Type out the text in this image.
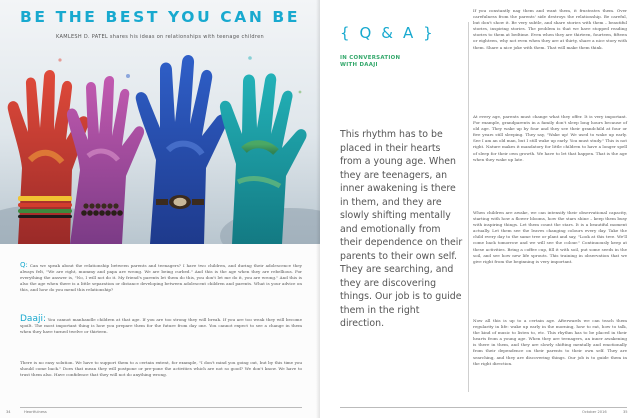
BE THE BEST YOU CAN BE
KAMLESH D. PATEL shares his ideas on relationships with teenage children
Q: Can we speak about the relationship between parents and teenagers? I have two children, and during their adolescence they always felt, "We are right, mummy and papa are wrong. We are being curbed." And this is the age when they are rebellious. For everything the answer is, "No, I will not do it. My friend's parents let them do this, you don't let me do it, you are wrong." And this is also the age when there is a little separation or distance developing between adolescent children and parents. What is your advice on this, and how do you mend this relationship?
Daaji: You cannot manhandle children at that age. If you are too strong they will break. If you are too weak they will become spoilt. The most important thing is how you prepare them for the future from day one. You cannot expect to see a change in them when they have turned twelve or thirteen.
There is no easy solution. We have to support them to a certain extent, for example, "I don't mind you going out, but by this time you should come back." Does that mean they will postpone or pre-pone the activities which are not so good? We don't know. We have to trust them also. Have confidence that they will not do anything wrong.
34	Heartfulness
{ Q & A }
IN CONVERSATION
WITH DAAJI
This rhythm has to be placed in their hearts from a young age. When they are teenagers, an inner awakening is there in them, and they are slowly shifting mentally and emotionally from their dependence on their parents to their own self. They are searching, and they are discovering things. Our job is to guide them in the right direction.
If you constantly nag them and want them, it frustrates them. Over carefulness from the parents' side destroys the relationship. Be careful, but don't show it. Be very subtle, and share stories with them – beautiful stories, inspiring stories. The problem is that we have stopped reading stories to them at bedtime. Even when they are thirteen, fourteen, fifteen or eighteen, why not even when they are at thirty, share a nice story with them. Share a nice joke with them. That will make them think.
At every age, parents must change what they offer. It is very important. For example, grandparents in a family don't sleep long hours because of old age. They wake up by four and they see their grandchild at four or five years still sleeping. They say, "Wake up! We used to wake up early. See I am an old man, but I still wake up early. You must study." This is not right. Nature makes it mandatory for little children to have a longer spell of sleep for their own growth. We have to let that happen. That is the age when they wake up late.
When children are awake, we can intensify their observational capacity, starting with how a flower blooms, how the stars shine – keep them busy with inspiring things. Let them count the stars. It is a beautiful moment actually. Let them see the leaves changing colours every day. Take the child every day to the same tree or plant and say, "Look at this tree. We'll come back tomorrow and we will see the colour." Continuously keep at these activities. Bring a coffee cup, fill it with soil, put some seeds in the soil, and see how new life sprouts. This training in observation that we give right from the beginning is very important.
Now all this is up to a certain age. Afterwards we can teach them regularity in life: wake up early in the morning, how to eat, how to talk, the kind of music to listen to, etc. This rhythm has to be placed in their hearts from a young age. When they are teenagers, an inner awakening is there in them, and they are slowly shifting mentally and emotionally from their dependence on their parents to their own self. They are searching, and they are discovering things. Our job is to guide them in the right direction.
October 2016	35
